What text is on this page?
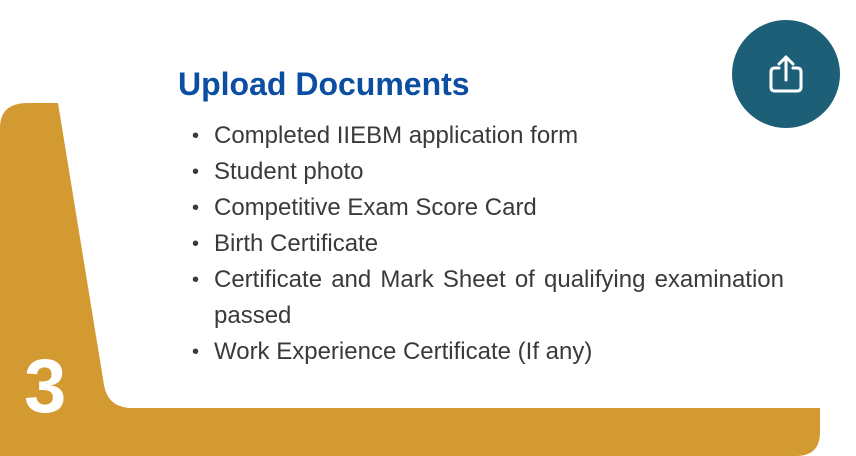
3
Upload Documents
• Completed IIEBM application form
• Student photo
• Competitive Exam Score Card
• Birth Certificate
• Certificate and Mark Sheet of qualifying examination passed
• Work Experience Certificate (If any)
